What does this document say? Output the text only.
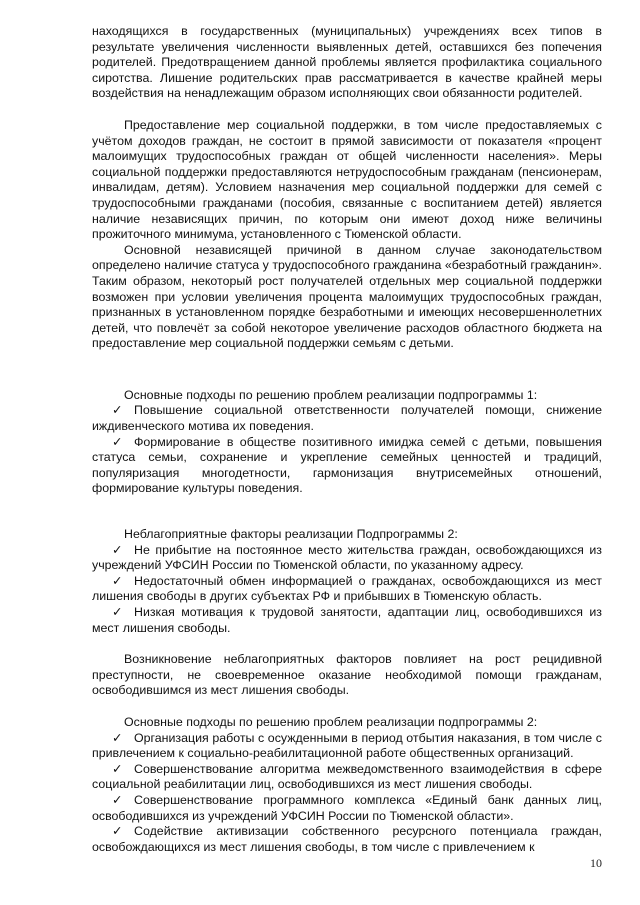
находящихся в государственных (муниципальных) учреждениях всех типов в результате увеличения численности выявленных детей, оставшихся без попечения родителей. Предотвращением данной проблемы является профилактика социального сиротства. Лишение родительских прав рассматривается в качестве крайней меры воздействия на ненадлежащим образом исполняющих свои обязанности родителей.

Предоставление мер социальной поддержки, в том числе предоставляемых с учётом доходов граждан, не состоит в прямой зависимости от показателя «процент малоимущих трудоспособных граждан от общей численности населения». Меры социальной поддержки предоставляются нетрудоспособным гражданам (пенсионерам, инвалидам, детям). Условием назначения мер социальной поддержки для семей с трудоспособными гражданами (пособия, связанные с воспитанием детей) является наличие независящих причин, по которым они имеют доход ниже величины прожиточного минимума, установленного с Тюменской области.

Основной независящей причиной в данном случае законодательством определено наличие статуса у трудоспособного гражданина «безработный гражданин». Таким образом, некоторый рост получателей отдельных мер социальной поддержки возможен при условии увеличения процента малоимущих трудоспособных граждан, признанных в установленном порядке безработными и имеющих несовершеннолетних детей, что повлечёт за собой некоторое увеличение расходов областного бюджета на предоставление мер социальной поддержки семьям с детьми.

Основные подходы по решению проблем реализации подпрограммы 1:

✓ Повышение социальной ответственности получателей помощи, снижение иждивенческого мотива их поведения.

✓ Формирование в обществе позитивного имиджа семей с детьми, повышения статуса семьи, сохранение и укрепление семейных ценностей и традиций, популяризация многодетности, гармонизация внутрисемейных отношений, формирование культуры поведения.

Неблагоприятные факторы реализации Подпрограммы 2:

✓ Не прибытие на постоянное место жительства граждан, освобождающихся из учреждений УФСИН России по Тюменской области, по указанному адресу.

✓ Недостаточный обмен информацией о гражданах, освобождающихся из мест лишения свободы в других субъектах РФ и прибывших в Тюменскую область.

✓ Низкая мотивация к трудовой занятости, адаптации лиц, освободившихся из мест лишения свободы.

Возникновение неблагоприятных факторов повлияет на рост рецидивной преступности, не своевременное оказание необходимой помощи гражданам, освободившимся из мест лишения свободы.

Основные подходы по решению проблем реализации подпрограммы 2:

✓ Организация работы с осужденными в период отбытия наказания, в том числе с привлечением к социально-реабилитационной работе общественных организаций.

✓ Совершенствование алгоритма межведомственного взаимодействия в сфере социальной реабилитации лиц, освободившихся из мест лишения свободы.

✓ Совершенствование программного комплекса «Единый банк данных лиц, освободившихся из учреждений УФСИН России по Тюменской области».

✓ Содействие активизации собственного ресурсного потенциала граждан, освобождающихся из мест лишения свободы, в том числе с привлечением к

10
